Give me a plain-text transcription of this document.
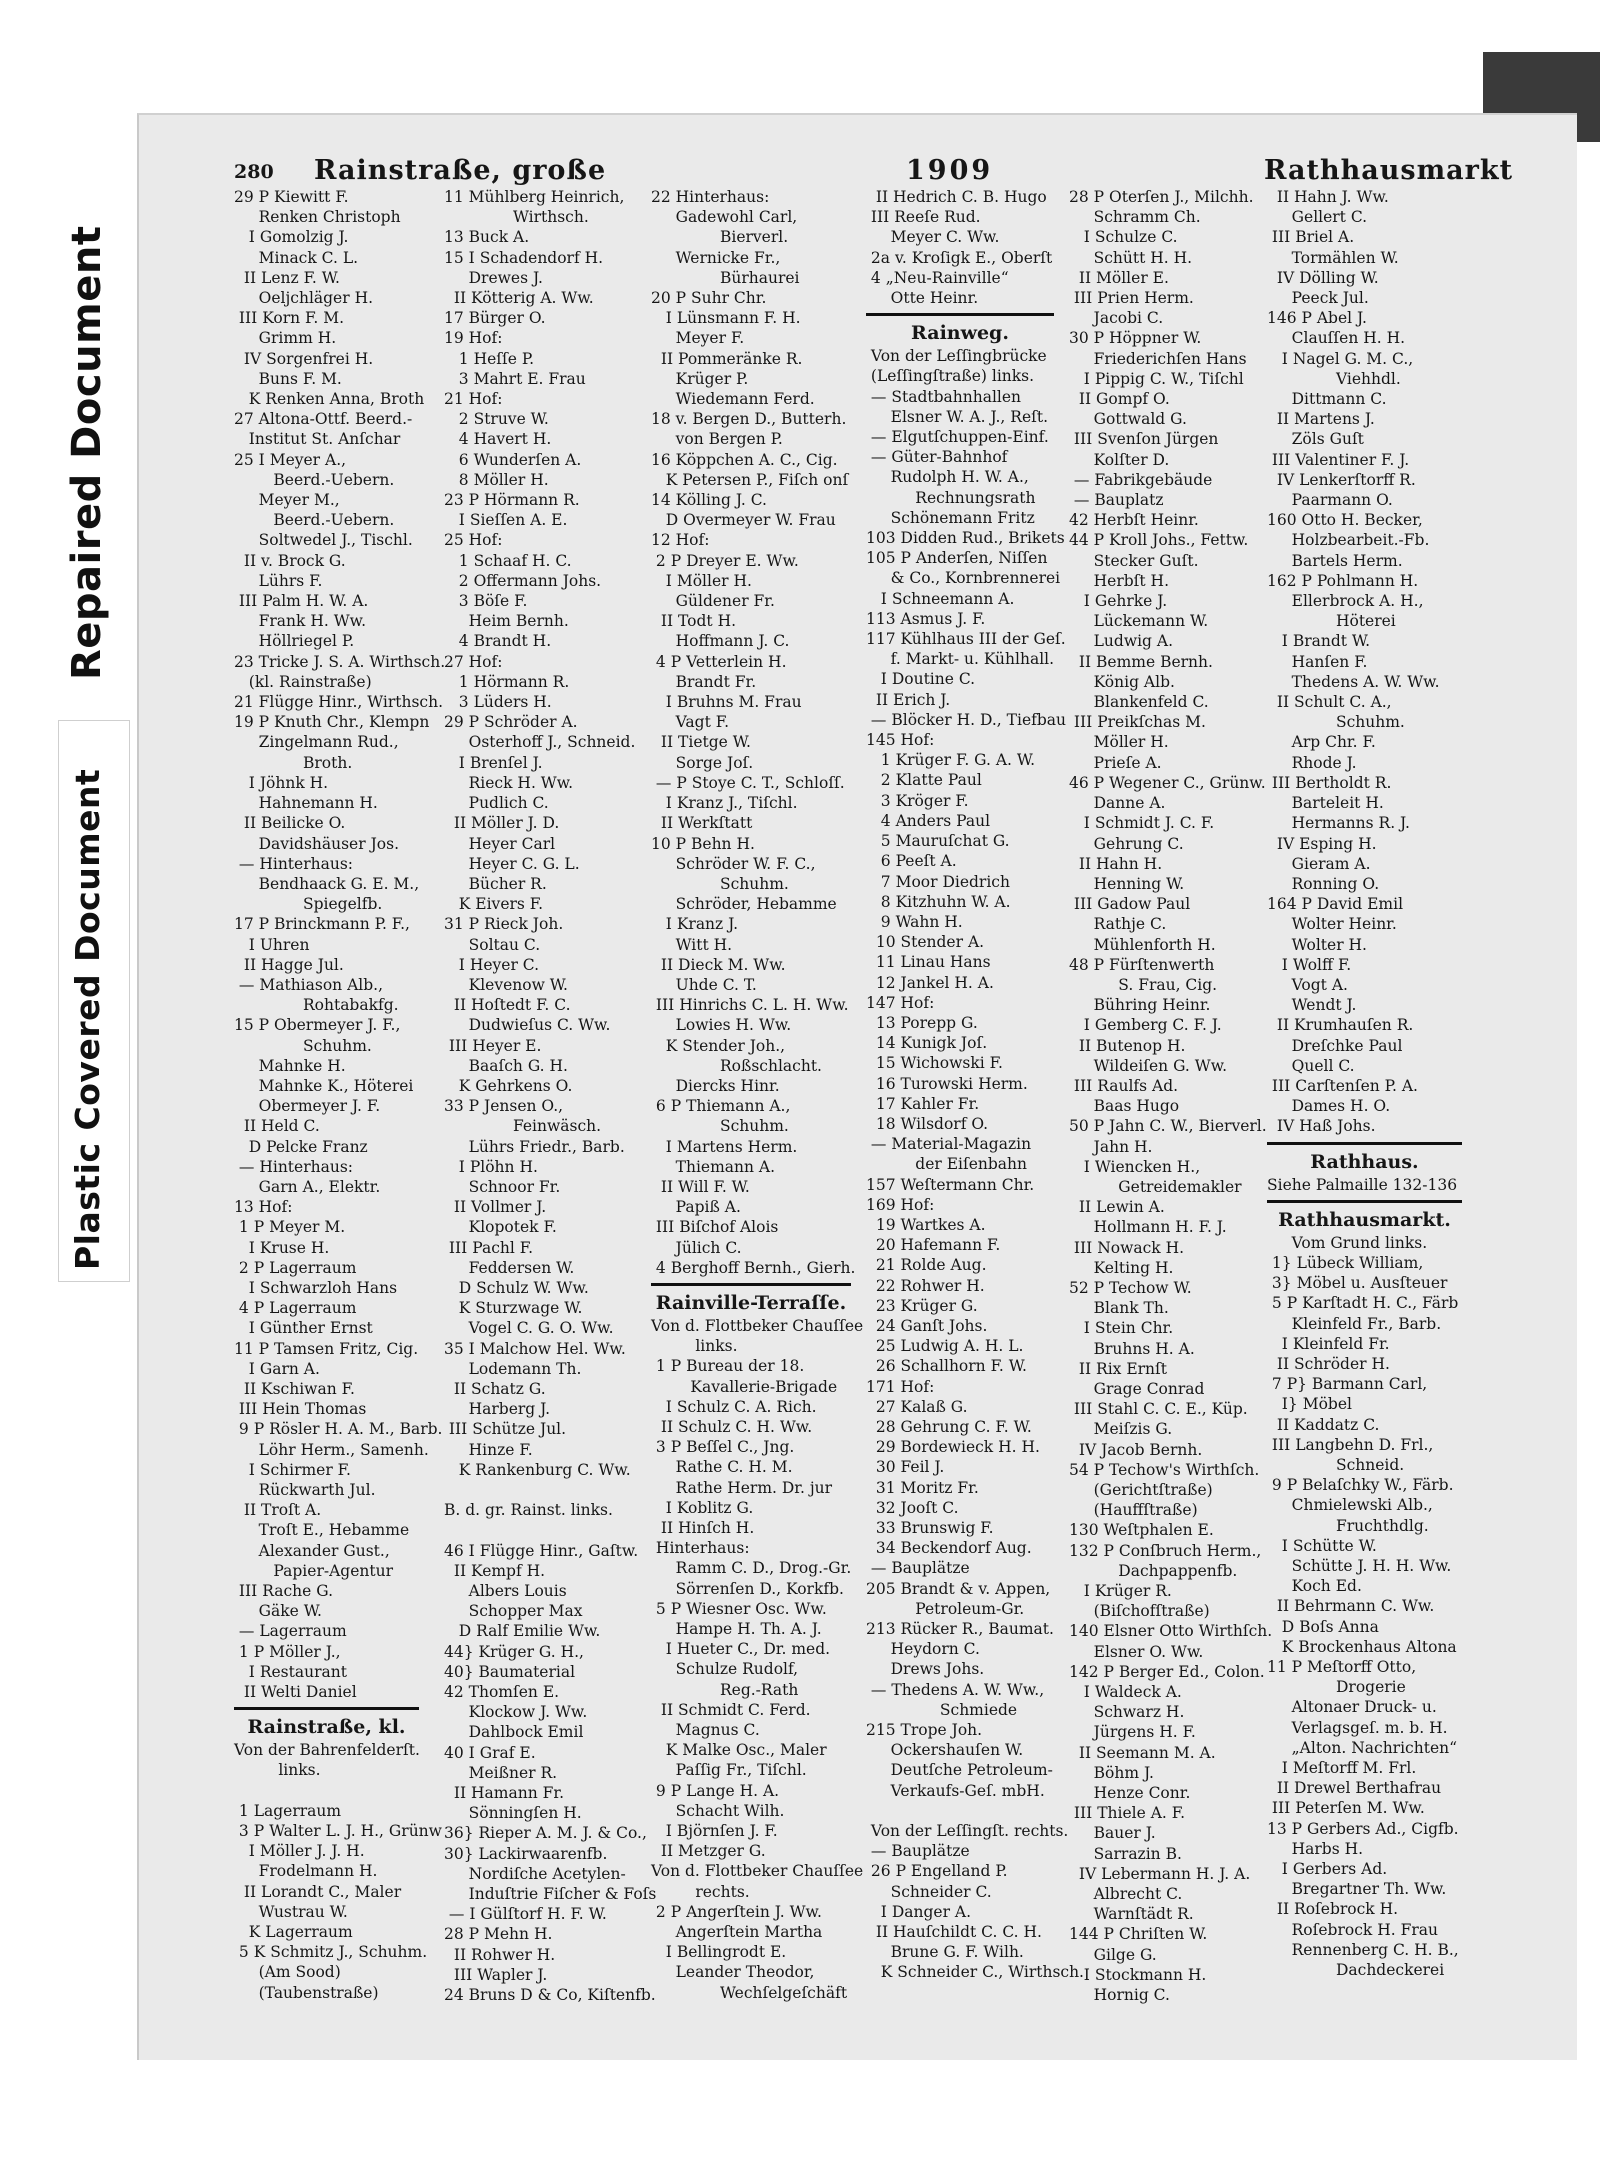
Repaired Document
Plastic Covered Document
280 Rainstraße, große	1909	Rathhausmarkt
29 P Kiewitt F.
Renken Christoph
I Gomolzig J.
Minack C. L.
II Lenz F. W.
Oeljchläger H.
III Korn F. M.
Grimm H.
IV Sorgenfrei H.
Buns F. M.
K Renken Anna, Broth
27 Altona-Ottf. Beerd.-
Institut St. Anſchar
25 I Meyer A.,
Beerd.-Uebern.
Meyer M.,
Beerd.-Uebern.
Soltwedel J., Tischl.
II v. Brock G.
Lührs F.
III Palm H. W. A.
Frank H. Ww.
Höllriegel P.
23 Tricke J. S. A. Wirthsch.
(kl. Rainstraße)
21 Flügge Hinr., Wirthsch.
19 P Knuth Chr., Klempn
Zingelmann Rud.,
Broth.
I Jöhnk H.
Hahnemann H.
II Beilicke O.
Davidshäuser Jos.
— Hinterhaus:
Bendhaack G. E. M.,
Spiegelfb.
17 P Brinckmann P. F.,
I Uhren
II Hagge Jul.
— Mathiason Alb.,
Rohtabakfg.
15 P Obermeyer J. F.,
Schuhm.
Mahnke H.
Mahnke K., Höterei
Obermeyer J. F.
II Held C.
D Pelcke Franz
— Hinterhaus:
Garn A., Elektr.
13 Hof:
1 P Meyer M.
I Kruse H.
2 P Lagerraum
I Schwarzloh Hans
4 P Lagerraum
I Günther Ernst
11 P Tamsen Fritz, Cig.
I Garn A.
II Kschiwan F.
III Hein Thomas
9 P Rösler H. A. M., Barb.
Löhr Herm., Samenh.
I Schirmer F.
Rückwarth Jul.
II Troſt A.
Troſt E., Hebamme
Alexander Gust.,
Papier-Agentur
III Rache G.
Gäke W.
— Lagerraum
1 P Möller J.,
I Restaurant
II Welti Daniel
Rainstraße, kl.
Von der Bahrenfelderſt.
links.

1 Lagerraum
3 P Walter L. J. H., Grünw
I Möller J. J. H.
Frodelmann H.
II Lorandt C., Maler
Wustrau W.
K Lagerraum
5 K Schmitz J., Schuhm.
(Am Sood)
(Taubenstraße)
11 Mühlberg Heinrich,
Wirthsch.
13 Buck A.
15 I Schadendorf H.
Drewes J.
II Kötterig A. Ww.
17 Bürger O.
19 Hof:
1 Heſſe P.
3 Mahrt E. Frau
21 Hof:
2 Struve W.
4 Havert H.
6 Wunderſen A.
8 Möller H.
23 P Hörmann R.
I Sieſſen A. E.
25 Hof:
1 Schaaf H. C.
2 Offermann Johs.
3 Böſe F.
Heim Bernh.
4 Brandt H.
27 Hof:
1 Hörmann R.
3 Lüders H.
29 P Schröder A.
Osterhoff J., Schneid.
I Brenſel J.
Rieck H. Ww.
Pudlich C.
II Möller J. D.
Heyer Carl
Heyer C. G. L.
Bücher R.
K Eivers F.
31 P Rieck Joh.
Soltau C.
I Heyer C.
Klevenow W.
II Hoſtedt F. C.
Dudwieſus C. Ww.
III Heyer E.
Baaſch G. H.
K Gehrkens O.
33 P Jensen O.,
Feinwäsch.
Lührs Friedr., Barb.
I Plöhn H.
Schnoor Fr.
II Vollmer J.
Klopotek F.
III Pachl F.
Feddersen W.
D Schulz W. Ww.
K Sturzwage W.
Vogel C. G. O. Ww.
35 I Malchow Hel. Ww.
Lodemann Th.
II Schatz G.
Harberg J.
III Schütze Jul.
Hinze F.
K Rankenburg C. Ww.

B. d. gr. Rainst. links.

46 I Flügge Hinr., Gaſtw.
II Kempf H.
Albers Louis
Schopper Max
D Ralf Emilie Ww.
44} Krüger G. H.,
40} Baumaterial
42 Thomſen E.
Klockow J. Ww.
Dahlbock Emil
40 I Graf E.
Meißner R.
II Hamann Fr.
Sönningſen H.
36} Rieper A. M. J. & Co.,
30} Lackirwaarenfb.
Nordiſche Acetylen-
Induſtrie Fiſcher & Foſs
— I Gülſtorf H. F. W.
28 P Mehn H.
II Rohwer H.
III Wapler J.
24 Bruns D & Co, Kiſtenfb.
22 Hinterhaus:
Gadewohl Carl,
Bierverl.
Wernicke Fr.,
Bürhaurei
20 P Suhr Chr.
I Lünsmann F. H.
Meyer F.
II Pommeränke R.
Krüger P.
Wiedemann Ferd.
18 v. Bergen D., Butterh.
von Bergen P.
16 Köppchen A. C., Cig.
K Petersen P., Fiſch onſ
14 Kölling J. C.
D Overmeyer W. Frau
12 Hof:
2 P Dreyer E. Ww.
I Möller H.
Güldener Fr.
II Todt H.
Hoffmann J. C.
4 P Vetterlein H.
Brandt Fr.
I Bruhns M. Frau
Vagt F.
II Tietge W.
Sorge Joſ.
— P Stoye C. T., Schloſſ.
I Kranz J., Tiſchl.
II Werkſtatt
10 P Behn H.
Schröder W. F. C.,
Schuhm.
Schröder, Hebamme
I Kranz J.
Witt H.
II Dieck M. Ww.
Uhde C. T.
III Hinrichs C. L. H. Ww.
Lowies H. Ww.
K Stender Joh.,
Roßschlacht.
Diercks Hinr.
6 P Thiemann A.,
Schuhm.
I Martens Herm.
Thiemann A.
II Will F. W.
Papiß A.
III Biſchof Alois
Jülich C.
4 Berghoff Bernh., Gierh.
Rainville-Terraſſe.
Von d. Flottbeker Chauſſee
links.
1 P Bureau der 18.
Kavallerie-Brigade
I Schulz C. A. Rich.
II Schulz C. H. Ww.
3 P Beſſel C., Jng.
Rathe C. H. M.
Rathe Herm. Dr. jur
I Koblitz G.
II Hinſch H.
Hinterhaus:
Ramm C. D., Drog.-Gr.
Sörrenſen D., Korkfb.
5 P Wiesner Osc. Ww.
Hampe H. Th. A. J.
I Hueter C., Dr. med.
Schulze Rudolf,
Reg.-Rath
II Schmidt C. Ferd.
Magnus C.
K Malke Osc., Maler
Paſſig Fr., Tiſchl.
9 P Lange H. A.
Schacht Wilh.
I Björnſen J. F.
II Metzger G.
Von d. Flottbeker Chauſſee
rechts.
2 P Angerſtein J. Ww.
Angerſtein Martha
I Bellingrodt E.
Leander Theodor,
Wechſelgeſchäft
II Hedrich C. B. Hugo
III Reeſe Rud.
Meyer C. Ww.
2a v. Kroſigk E., Oberſt
4 „Neu-Rainville“
Otte Heinr.
Rainweg.
Von der Leſſingbrücke
(Leſſingſtraße) links.
— Stadtbahnhallen
Elsner W. A. J., Reſt.
— Elgutſchuppen-Einf.
— Güter-Bahnhof
Rudolph H. W. A.,
Rechnungsrath
Schönemann Fritz
103 Didden Rud., Brikets
105 P Anderſen, Niſſen
& Co., Kornbrennerei
I Schneemann A.
113 Asmus J. F.
117 Kühlhaus III der Geſ.
f. Markt- u. Kühlhall.
I Doutine C.
II Erich J.
— Blöcker H. D., Tiefbau
145 Hof:
1 Krüger F. G. A. W.
2 Klatte Paul
3 Kröger F.
4 Anders Paul
5 Mauruſchat G.
6 Peeſt A.
7 Moor Diedrich
8 Kitzhuhn W. A.
9 Wahn H.
10 Stender A.
11 Linau Hans
12 Jankel H. A.
147 Hof:
13 Porepp G.
14 Kunigk Joſ.
15 Wichowski F.
16 Turowski Herm.
17 Kahler Fr.
18 Wilsdorf O.
— Material-Magazin
der Eiſenbahn
157 Weſtermann Chr.
169 Hof:
19 Wartkes A.
20 Hafemann F.
21 Rolde Aug.
22 Rohwer H.
23 Krüger G.
24 Ganſt Johs.
25 Ludwig A. H. L.
26 Schallhorn F. W.
171 Hof:
27 Kalaß G.
28 Gehrung C. F. W.
29 Bordewieck H. H.
30 Feil J.
31 Moritz Fr.
32 Jooſt C.
33 Brunswig F.
34 Beckendorf Aug.
— Bauplätze
205 Brandt & v. Appen,
Petroleum-Gr.
213 Rücker R., Baumat.
Heydorn C.
Drews Johs.
— Thedens A. W. Ww.,
Schmiede
215 Trope Joh.
Ockershauſen W.
Deutſche Petroleum-
Verkaufs-Geſ. mbH.

Von der Leſſingſt. rechts.
— Bauplätze
26 P Engelland P.
Schneider C.
I Danger A.
II Hauſchildt C. C. H.
Brune G. F. Wilh.
K Schneider C., Wirthsch.
28 P Oterſen J., Milchh.
Schramm Ch.
I Schulze C.
Schütt H. H.
II Möller E.
III Prien Herm.
Jacobi C.
30 P Höppner W.
Friederichſen Hans
I Pippig C. W., Tiſchl
II Gompf O.
Gottwald G.
III Svenſon Jürgen
Kolſter D.
— Fabrikgebäude
— Bauplatz
42 Herbſt Heinr.
44 P Kroll Johs., Fettw.
Stecker Guſt.
Herbſt H.
I Gehrke J.
Lückemann W.
Ludwig A.
II Bemme Bernh.
König Alb.
Blankenfeld C.
III Preikſchas M.
Möller H.
Prieſe A.
46 P Wegener C., Grünw.
Danne A.
I Schmidt J. C. F.
Gehrung C.
II Hahn H.
Henning W.
III Gadow Paul
Rathje C.
Mühlenforth H.
48 P Fürſtenwerth
S. Frau, Cig.
Bühring Heinr.
I Gemberg C. F. J.
II Butenop H.
Wildeiſen G. Ww.
III Raulfs Ad.
Baas Hugo
50 P Jahn C. W., Bierverl.
Jahn H.
I Wiencken H.,
Getreidemakler
II Lewin A.
Hollmann H. F. J.
III Nowack H.
Kelting H.
52 P Techow W.
Blank Th.
I Stein Chr.
Bruhns H. A.
II Rix Ernſt
Grage Conrad
III Stahl C. C. E., Küp.
Meiſzis G.
IV Jacob Bernh.
54 P Techow's Wirthſch.
(Gerichtſtraße)
(Hauffſtraße)
130 Weſtphalen E.
132 P Conſbruch Herm.,
Dachpappenfb.
I Krüger R.
(Biſchofſtraße)
140 Elsner Otto Wirthſch.
Elsner O. Ww.
142 P Berger Ed., Colon.
I Waldeck A.
Schwarz H.
Jürgens H. F.
II Seemann M. A.
Böhm J.
Henze Conr.
III Thiele A. F.
Bauer J.
Sarrazin B.
IV Lebermann H. J. A.
Albrecht C.
Warnſtädt R.
144 P Chriſten W.
Gilge G.
I Stockmann H.
Hornig C.
II Hahn J. Ww.
Gellert C.
III Briel A.
Tormählen W.
IV Dölling W.
Peeck Jul.
146 P Abel J.
Clauſſen H. H.
I Nagel G. M. C.,
Viehhdl.
Dittmann C.
II Martens J.
Zöls Guſt
III Valentiner F. J.
IV Lenkerſtorff R.
Paarmann O.
160 Otto H. Becker,
Holzbearbeit.-Fb.
Bartels Herm.
162 P Pohlmann H.
Ellerbrock A. H.,
Höterei
I Brandt W.
Hanſen F.
Thedens A. W. Ww.
II Schult C. A.,
Schuhm.
Arp Chr. F.
Rhode J.
III Bertholdt R.
Barteleit H.
Hermanns R. J.
IV Esping H.
Gieram A.
Ronning O.
164 P David Emil
Wolter Heinr.
Wolter H.
I Wolff F.
Vogt A.
Wendt J.
II Krumhauſen R.
Dreſchke Paul
Quell C.
III Carſtenſen P. A.
Dames H. O.
IV Haß Johs.
Rathhaus.
Siehe Palmaille 132-136
Rathhausmarkt.
Vom Grund links.
1} Lübeck William,
3} Möbel u. Ausſteuer
5 P Karſtadt H. C., Färb
Kleinfeld Fr., Barb.
I Kleinfeld Fr.
II Schröder H.
7 P} Barmann Carl,
I} Möbel
II Kaddatz C.
III Langbehn D. Frl.,
Schneid.
9 P Belaſchky W., Färb.
Chmielewski Alb.,
Fruchthdlg.
I Schütte W.
Schütte J. H. H. Ww.
Koch Ed.
II Behrmann C. Ww.
D Boſs Anna
K Brockenhaus Altona
11 P Meſtorff Otto,
Drogerie
Altonaer Druck- u.
Verlagsgeſ. m. b. H.
„Alton. Nachrichten“
I Meſtorff M. Frl.
II Drewel Berthafrau
III Peterſen M. Ww.
13 P Gerbers Ad., Cigfb.
Harbs H.
I Gerbers Ad.
Bregartner Th. Ww.
II Roſebrock H.
Roſebrock H. Frau
Rennenberg C. H. B.,
Dachdeckerei
